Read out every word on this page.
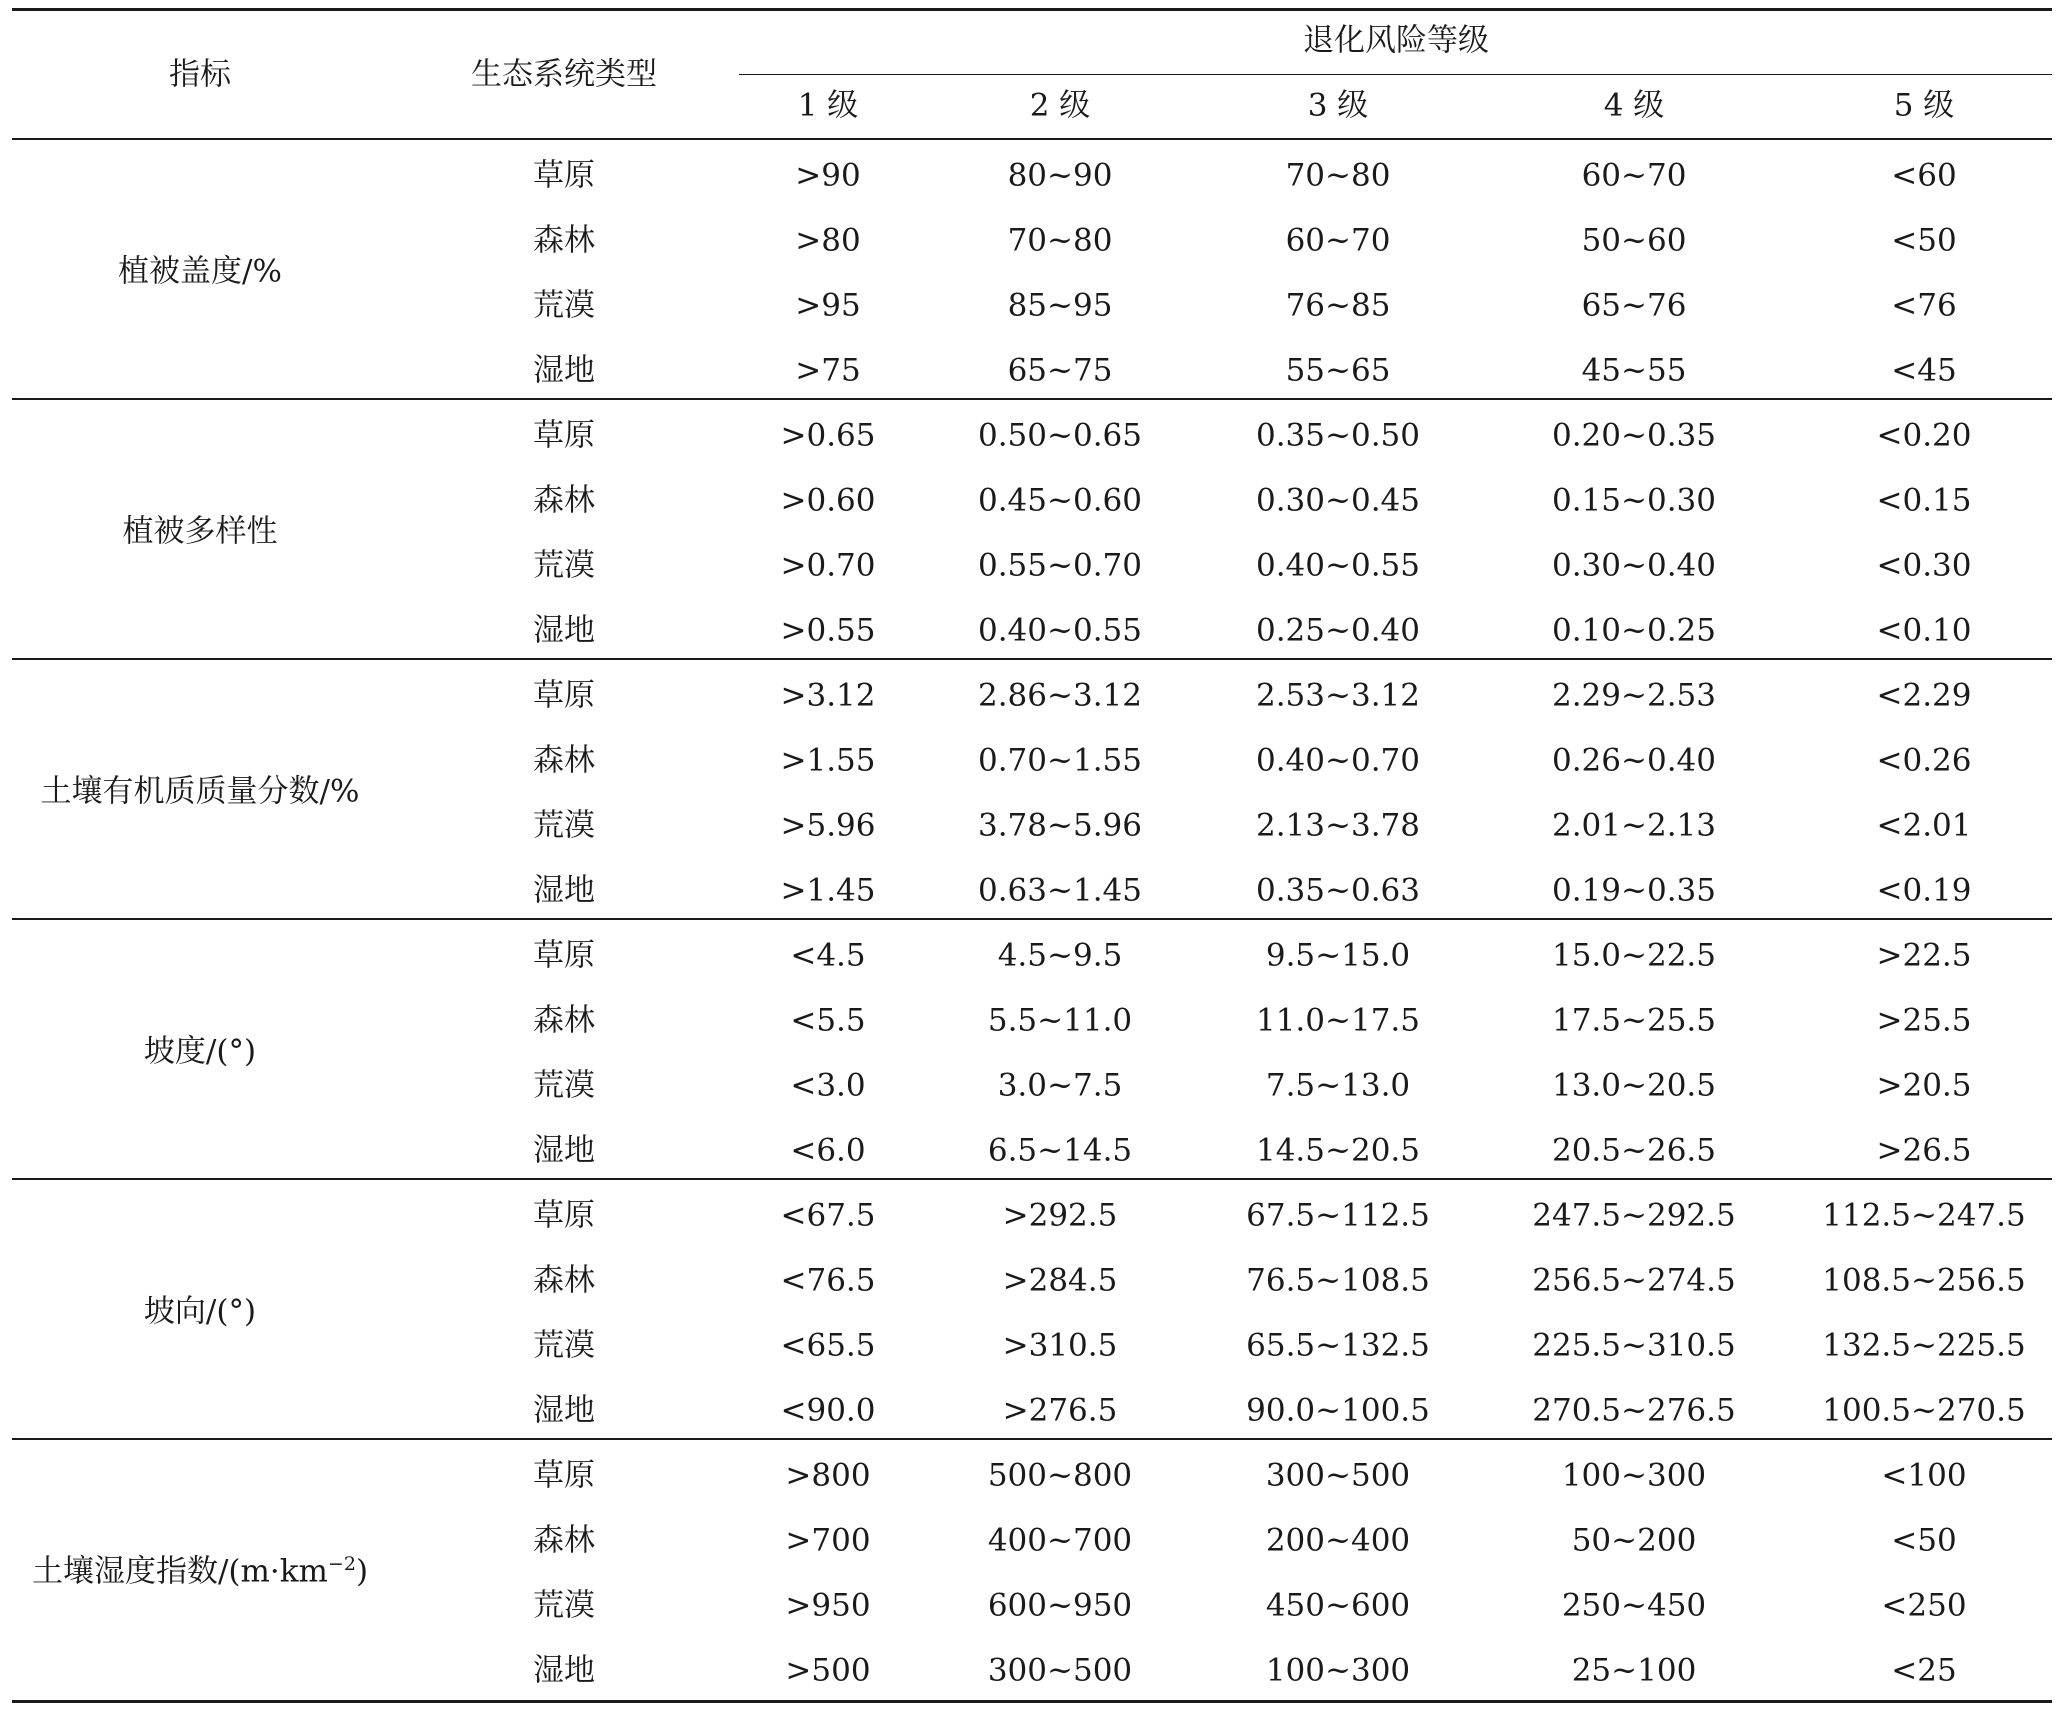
指标	生态系统类型
退化风险等级
1 级	2 级	3 级	4 级	5 级
植被盖度/%
草原	>90	80~90	70~80	60~70	<60
森林	>80	70~80	60~70	50~60	<50
荒漠	>95	85~95	76~85	65~76	<76
湿地	>75	65~75	55~65	45~55	<45
植被多样性
草原	>0.65	0.50~0.65	0.35~0.50	0.20~0.35	<0.20
森林	>0.60	0.45~0.60	0.30~0.45	0.15~0.30	<0.15
荒漠	>0.70	0.55~0.70	0.40~0.55	0.30~0.40	<0.30
湿地	>0.55	0.40~0.55	0.25~0.40	0.10~0.25	<0.10
土壤有机质质量分数/%
草原	>3.12	2.86~3.12	2.53~3.12	2.29~2.53	<2.29
森林	>1.55	0.70~1.55	0.40~0.70	0.26~0.40	<0.26
荒漠	>5.96	3.78~5.96	2.13~3.78	2.01~2.13	<2.01
湿地	>1.45	0.63~1.45	0.35~0.63	0.19~0.35	<0.19
坡度/(°)
草原	<4.5	4.5~9.5	9.5~15.0	15.0~22.5	>22.5
森林	<5.5	5.5~11.0	11.0~17.5	17.5~25.5	>25.5
荒漠	<3.0	3.0~7.5	7.5~13.0	13.0~20.5	>20.5
湿地	<6.0	6.5~14.5	14.5~20.5	20.5~26.5	>26.5
坡向/(°)
草原	<67.5	>292.5	67.5~112.5	247.5~292.5	112.5~247.5
森林	<76.5	>284.5	76.5~108.5	256.5~274.5	108.5~256.5
荒漠	<65.5	>310.5	65.5~132.5	225.5~310.5	132.5~225.5
湿地	<90.0	>276.5	90.0~100.5	270.5~276.5	100.5~270.5
土壤湿度指数$/(m\cdot km^{-2})$
草原	>800	500~800	300~500	100~300	<100
森林	>700	400~700	200~400	50~200	<50
荒漠	>950	600~950	450~600	250~450	<250
湿地	>500	300~500	100~300	25~100	<25
